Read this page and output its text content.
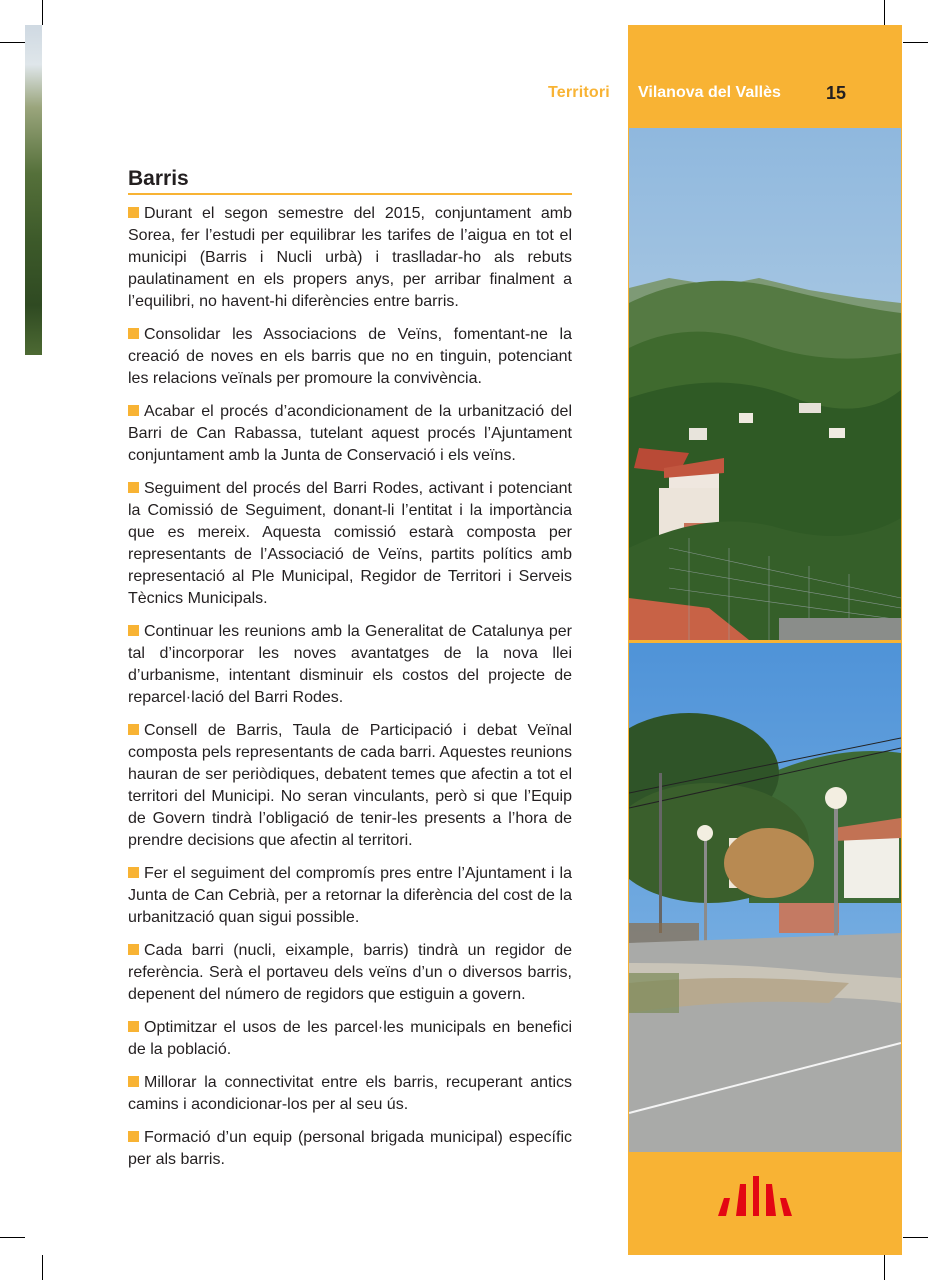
Territori Vilanova del Vallès	15
Barris

Durant el segon semestre del 2015, conjuntament amb Sorea, fer l’estudi per equilibrar les tarifes de l’aigua en tot el municipi (Barris i Nucli urbà) i traslladar-ho als rebuts paulatinament en els propers anys, per arribar finalment a l’equilibri, no havent-hi diferències entre barris.

Consolidar les Associacions de Veïns, fomentant-ne la creació de noves en els barris que no en tinguin, potenciant les relacions veïnals per promoure la convivència.

Acabar el procés d’acondicionament de la urbanització del Barri de Can Rabassa, tutelant aquest procés l’Ajuntament conjuntament amb la Junta de Conservació i els veïns.

Seguiment del procés del Barri Rodes, activant i potenciant la Comissió de Seguiment, donant-li l’entitat i la importància que es mereix. Aquesta comissió estarà composta per representants de l’Associació de Veïns, partits polítics amb representació al Ple Municipal, Regidor de Territori i Serveis Tècnics Municipals.

Continuar les reunions amb la Generalitat de Catalunya per tal d’incorporar les noves avantatges de la nova llei d’urbanisme, intentant disminuir els costos del projecte de reparcel·lació del Barri Rodes.

Consell de Barris, Taula de Participació i debat Veïnal composta pels representants de cada barri. Aquestes reunions hauran de ser periòdiques, debatent temes que afectin a tot el territori del Municipi. No seran vinculants, però si que l’Equip de Govern tindrà l’obligació de tenir-les presents a l’hora de prendre decisions que afectin al territori.

Fer el seguiment del compromís pres entre l’Ajuntament i la Junta de Can Cebrià, per a retornar la diferència del cost de la urbanització quan sigui possible.

Cada barri (nucli, eixample, barris) tindrà un regidor de referència. Serà el portaveu dels veïns d’un o diversos barris, depenent del número de regidors que estiguin a govern.

Optimitzar el usos de les parcel·les municipals en benefici de la població.

Millorar la connectivitat entre els barris, recuperant antics camins i acondicionar-los per al seu ús.

Formació d’un equip (personal brigada municipal) específic per als barris.
